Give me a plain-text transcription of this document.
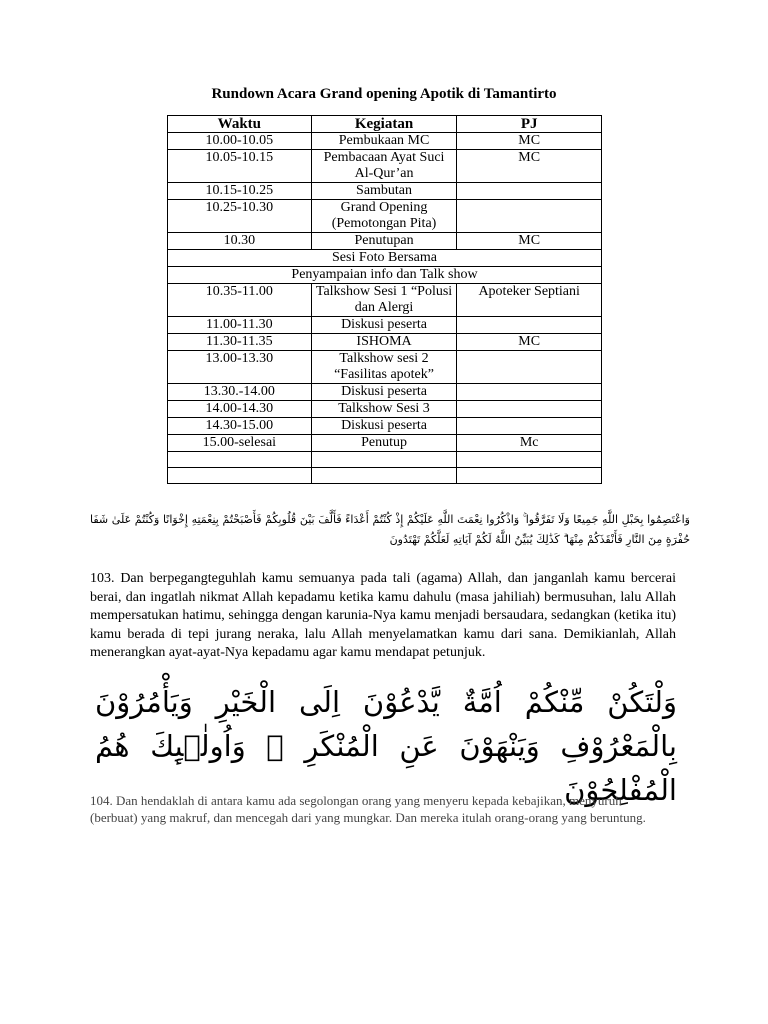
Rundown Acara Grand opening Apotik di Tamantirto
Waktu	Kegiatan	PJ
10.00-10.05	Pembukaan MC	MC
10.05-10.15	Pembacaan Ayat Suci Al-Qur’an	MC
10.15-10.25	Sambutan	
10.25-10.30	Grand Opening (Pemotongan Pita)	
10.30	Penutupan	MC
Sesi Foto Bersama		
Penyampaian info dan Talk show		
10.35-11.00	Talkshow Sesi 1 “Polusi dan Alergi	Apoteker Septiani
11.00-11.30	Diskusi peserta	
11.30-11.35	ISHOMA	MC
13.00-13.30	Talkshow sesi 2 “Fasilitas apotek”	
13.30.-14.00	Diskusi peserta	
14.00-14.30	Talkshow Sesi 3	
14.30-15.00	Diskusi peserta	
15.00-selesai	Penutup	Mc

وَاعْتَصِمُوا بِحَبْلِ اللَّهِ جَمِيعًا وَلَا تَفَرَّقُوا ۚ وَاذْكُرُوا نِعْمَتَ اللَّهِ عَلَيْكُمْ إِذْ كُنْتُمْ أَعْدَاءً فَأَلَّفَ بَيْنَ قُلُوبِكُمْ فَأَصْبَحْتُمْ بِنِعْمَتِهِ إِخْوَانًا وَكُنْتُمْ عَلَىٰ شَفَا حُفْرَةٍ مِنَ النَّارِ فَأَنْقَذَكُمْ مِنْهَا ۗ كَذَٰلِكَ يُبَيِّنُ اللَّهُ لَكُمْ آيَاتِهِ لَعَلَّكُمْ تَهْتَدُونَ
103. Dan berpegangteguhlah kamu semuanya pada tali (agama) Allah, dan janganlah kamu bercerai berai, dan ingatlah nikmat Allah kepadamu ketika kamu dahulu (masa jahiliah) bermusuhan, lalu Allah mempersatukan hatimu, sehingga dengan karunia-Nya kamu menjadi bersaudara, sedangkan (ketika itu) kamu berada di tepi jurang neraka, lalu Allah menyelamatkan kamu dari sana. Demikianlah, Allah menerangkan ayat-ayat-Nya kepadamu agar kamu mendapat petunjuk.
وَلْتَكُنْ مِّنْكُمْ اُمَّةٌ يَّدْعُوْنَ اِلَى الْخَيْرِ وَيَأْمُرُوْنَ بِالْمَعْرُوْفِ وَيَنْهَوْنَ عَنِ الْمُنْكَرِ ۗ وَاُولٰۤىِٕكَ هُمُ الْمُفْلِحُوْنَ
104. Dan hendaklah di antara kamu ada segolongan orang yang menyeru kepada kebajikan, menyuruh (berbuat) yang makruf, dan mencegah dari yang mungkar. Dan mereka itulah orang-orang yang beruntung.
